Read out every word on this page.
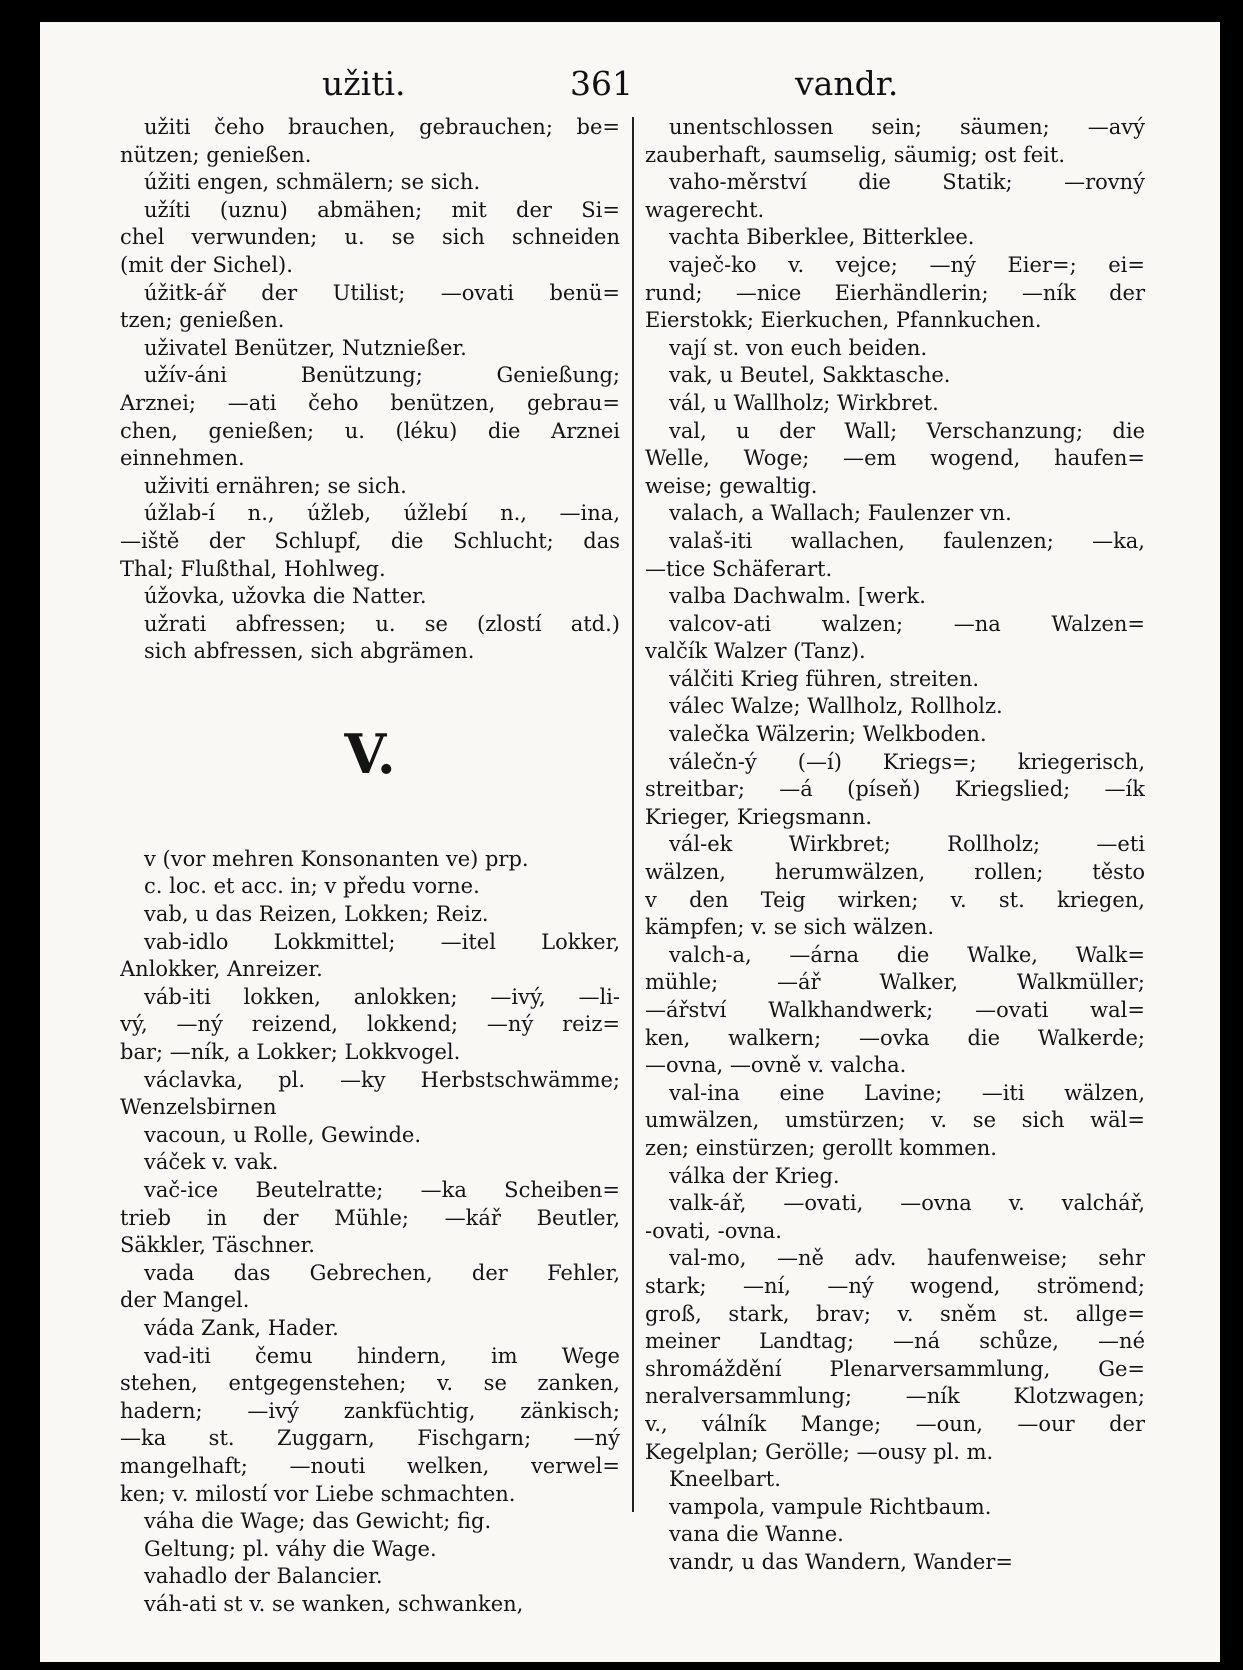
užiti.	361	vandr.
užiti čeho brauchen, gebrauchen; be=
nützen; genießen.
úžiti engen, schmälern; se sich.
užíti (uznu) abmähen; mit der Si=
chel verwunden; u. se sich schneiden
(mit der Sichel).
úžitk-ář der Utilist; —ovati benü=
tzen; genießen.
uživatel Benützer, Nutznießer.
užív-áni Benützung; Genießung;
Arznei; —ati čeho benützen, gebrau=
chen, genießen; u. (léku) die Arznei
einnehmen.
uživiti ernähren; se sich.
úžlab-í n., úžleb, úžlebí n., —ina,
—iště der Schlupf, die Schlucht; das
Thal; Flußthal, Hohlweg.
úžovka, užovka die Natter.
užrati abfressen; u. se (zlostí atd.)
sich abfressen, sich abgrämen.
V.
v (vor mehren Konsonanten ve) prp.
c. loc. et acc. in; v předu vorne.
vab, u das Reizen, Lokken; Reiz.
vab-idlo Lokkmittel; —itel Lokker,
Anlokker, Anreizer.
váb-iti lokken, anlokken; —ivý, —li-
vý, —ný reizend, lokkend; —ný reiz=
bar; —ník, a Lokker; Lokkvogel.
václavka, pl. —ky Herbstschwämme;
Wenzelsbirnen
vacoun, u Rolle, Gewinde.
váček v. vak.
vač-ice Beutelratte; —ka Scheiben=
trieb in der Mühle; —kář Beutler,
Säkkler, Täschner.
vada das Gebrechen, der Fehler,
der Mangel.
váda Zank, Hader.
vad-iti čemu hindern, im Wege
stehen, entgegenstehen; v. se zanken,
hadern; —ivý zankfüchtig, zänkisch;
—ka st. Zuggarn, Fischgarn; —ný
mangelhaft; —nouti welken, verwel=
ken; v. milostí vor Liebe schmachten.
váha die Wage; das Gewicht; fig.
Geltung; pl. váhy die Wage.
vahadlo der Balancier.
váh-ati st v. se wanken, schwanken,
unentschlossen sein; säumen; —avý
zauberhaft, saumselig, säumig; ost feit.
vaho-měrství die Statik; —rovný
wagerecht.
vachta Biberklee, Bitterklee.
vaječ-ko v. vejce; —ný Eier=; ei=
rund; —nice Eierhändlerin; —ník der
Eierstokk; Eierkuchen, Pfannkuchen.
vají st. von euch beiden.
vak, u Beutel, Sakktasche.
vál, u Wallholz; Wirkbret.
val, u der Wall; Verschanzung; die
Welle, Woge; —em wogend, haufen=
weise; gewaltig.
valach, a Wallach; Faulenzer vn.
valaš-iti wallachen, faulenzen; —ka,
—tice Schäferart.
valba Dachwalm. [werk.
valcov-ati walzen; —na Walzen=
valčík Walzer (Tanz).
válčiti Krieg führen, streiten.
válec Walze; Wallholz, Rollholz.
valečka Wälzerin; Welkboden.
válečn-ý (—í) Kriegs=; kriegerisch,
streitbar; —á (píseň) Kriegslied; —ík
Krieger, Kriegsmann.
vál-ek Wirkbret; Rollholz; —eti
wälzen, herumwälzen, rollen; těsto
v den Teig wirken; v. st. kriegen,
kämpfen; v. se sich wälzen.
valch-a, —árna die Walke, Walk=
mühle; —ář Walker, Walkmüller;
—ářství Walkhandwerk; —ovati wal=
ken, walkern; —ovka die Walkerde;
—ovna, —ovně v. valcha.
val-ina eine Lavine; —iti wälzen,
umwälzen, umstürzen; v. se sich wäl=
zen; einstürzen; gerollt kommen.
válka der Krieg.
valk-ář, —ovati, —ovna v. valchář,
-ovati, -ovna.
val-mo, —ně adv. haufenweise; sehr
stark; —ní, —ný wogend, strömend;
groß, stark, brav; v. sněm st. allge=
meiner Landtag; —ná schůze, —né
shromáždění Plenarversammlung, Ge=
neralversammlung; —ník Klotzwagen;
v., válník Mange; —oun, —our der
Kegelplan; Gerölle; —ousy pl. m.
Kneelbart.
vampola, vampule Richtbaum.
vana die Wanne.
vandr, u das Wandern, Wander=
